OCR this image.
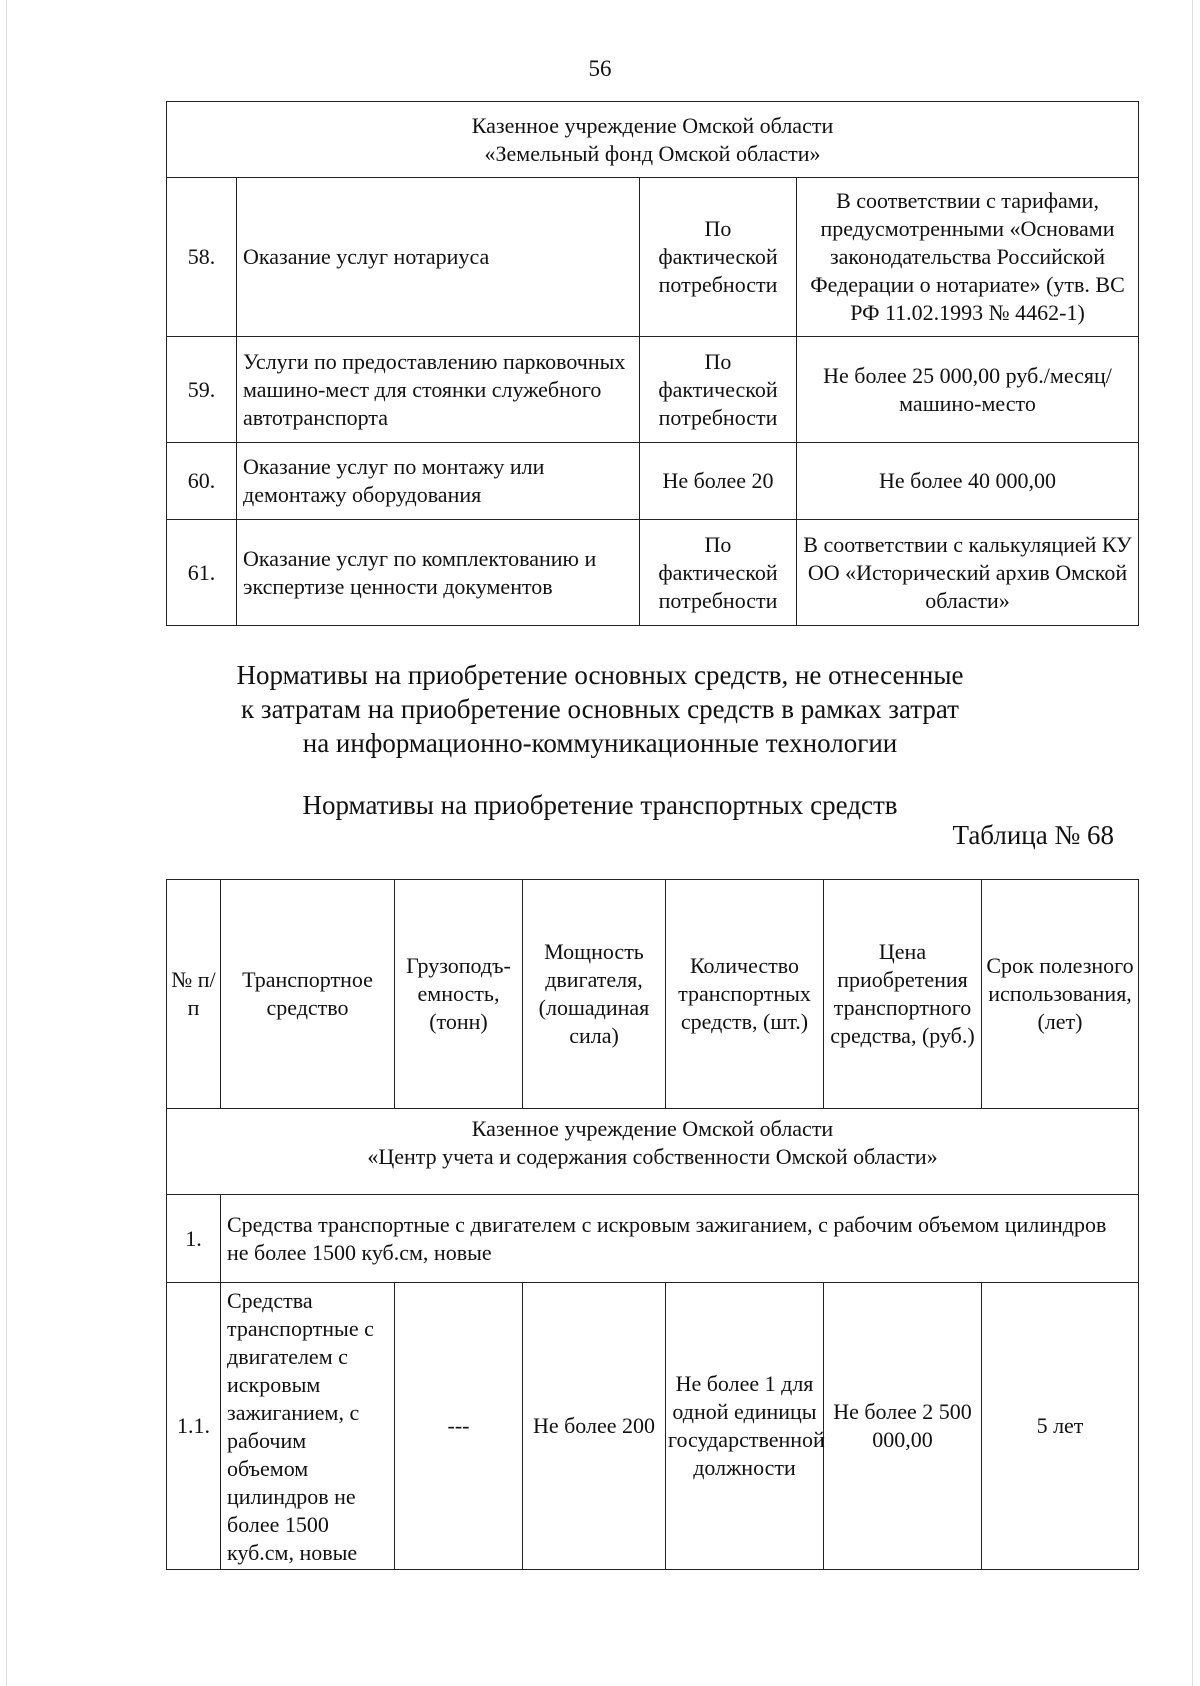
56
Казенное учреждение Омской области
«Земельный фонд Омской области»			

58.	Оказание услуг нотариуса	По фактической потребности	В соответствии с тарифами, предусмотренными «Основами законодательства Российской Федерации о нотариате» (утв. ВС РФ 11.02.1993 № 4462-1)
59.	Услуги по предоставлению парковочных машино-мест для стоянки служебного автотранспорта	По фактической потребности	Не более 25 000,00 руб./месяц/машино-место
60.	Оказание услуг по монтажу или демонтажу оборудования	Не более 20	Не более 40 000,00
61.	Оказание услуг по комплектованию и экспертизе ценности документов	По фактической потребности	В соответствии с калькуляцией КУ ОО «Исторический архив Омской области»
Нормативы на приобретение основных средств, не отнесенные
к затратам на приобретение основных средств в рамках затрат
на информационно-коммуникационные технологии
Нормативы на приобретение транспортных средств
Таблица № 68
№ п/п	Транспортное средство	Грузоподъ-емность, (тонн)	Мощность двигателя, (лошадиная сила)	Количество транспортных средств, (шт.)	Цена приобретения транспортного средства, (руб.)	Срок полезного использования, (лет)

Казенное учреждение Омской области
«Центр учета и содержания собственности Омской области»						

1.	Средства транспортные с двигателем с искровым зажиганием, с рабочим объемом цилиндров не более 1500 куб.см, новые					
1.1.	Средства транспортные с двигателем с искровым зажиганием, с рабочим объемом цилиндров не более 1500 куб.см, новые	---	Не более 200	Не более 1 для одной единицы государственной должности	Не более 2 500 000,00	5 лет
